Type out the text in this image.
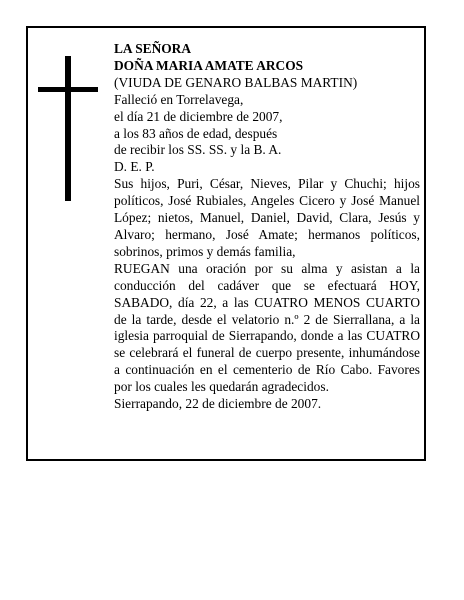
LA SEÑORA
DOÑA MARIA AMATE ARCOS
(VIUDA DE GENARO BALBAS MARTIN)
Falleció en Torrelavega,
el día 21 de diciembre de 2007,
a los 83 años de edad, después
de recibir los SS. SS. y la B. A.
D. E. P.
Sus hijos, Puri, César, Nieves, Pilar y Chuchi; hijos políticos, José Rubiales, Angeles Cicero y José Manuel López; nietos, Manuel, Daniel, David, Clara, Jesús y Alvaro; hermano, José Amate; hermanos políticos, sobrinos, primos y demás familia,
RUEGAN una oración por su alma y asistan a la conducción del cadáver que se efectuará HOY, SABADO, día 22, a las CUATRO MENOS CUARTO de la tarde, desde el velatorio n.º 2 de Sierrallana, a la iglesia parroquial de Sierrapando, donde a las CUATRO se celebrará el funeral de cuerpo presente, inhumándose a continuación en el cementerio de Río Cabo. Favores por los cuales les quedarán agradecidos.
Sierrapando, 22 de diciembre de 2007.
